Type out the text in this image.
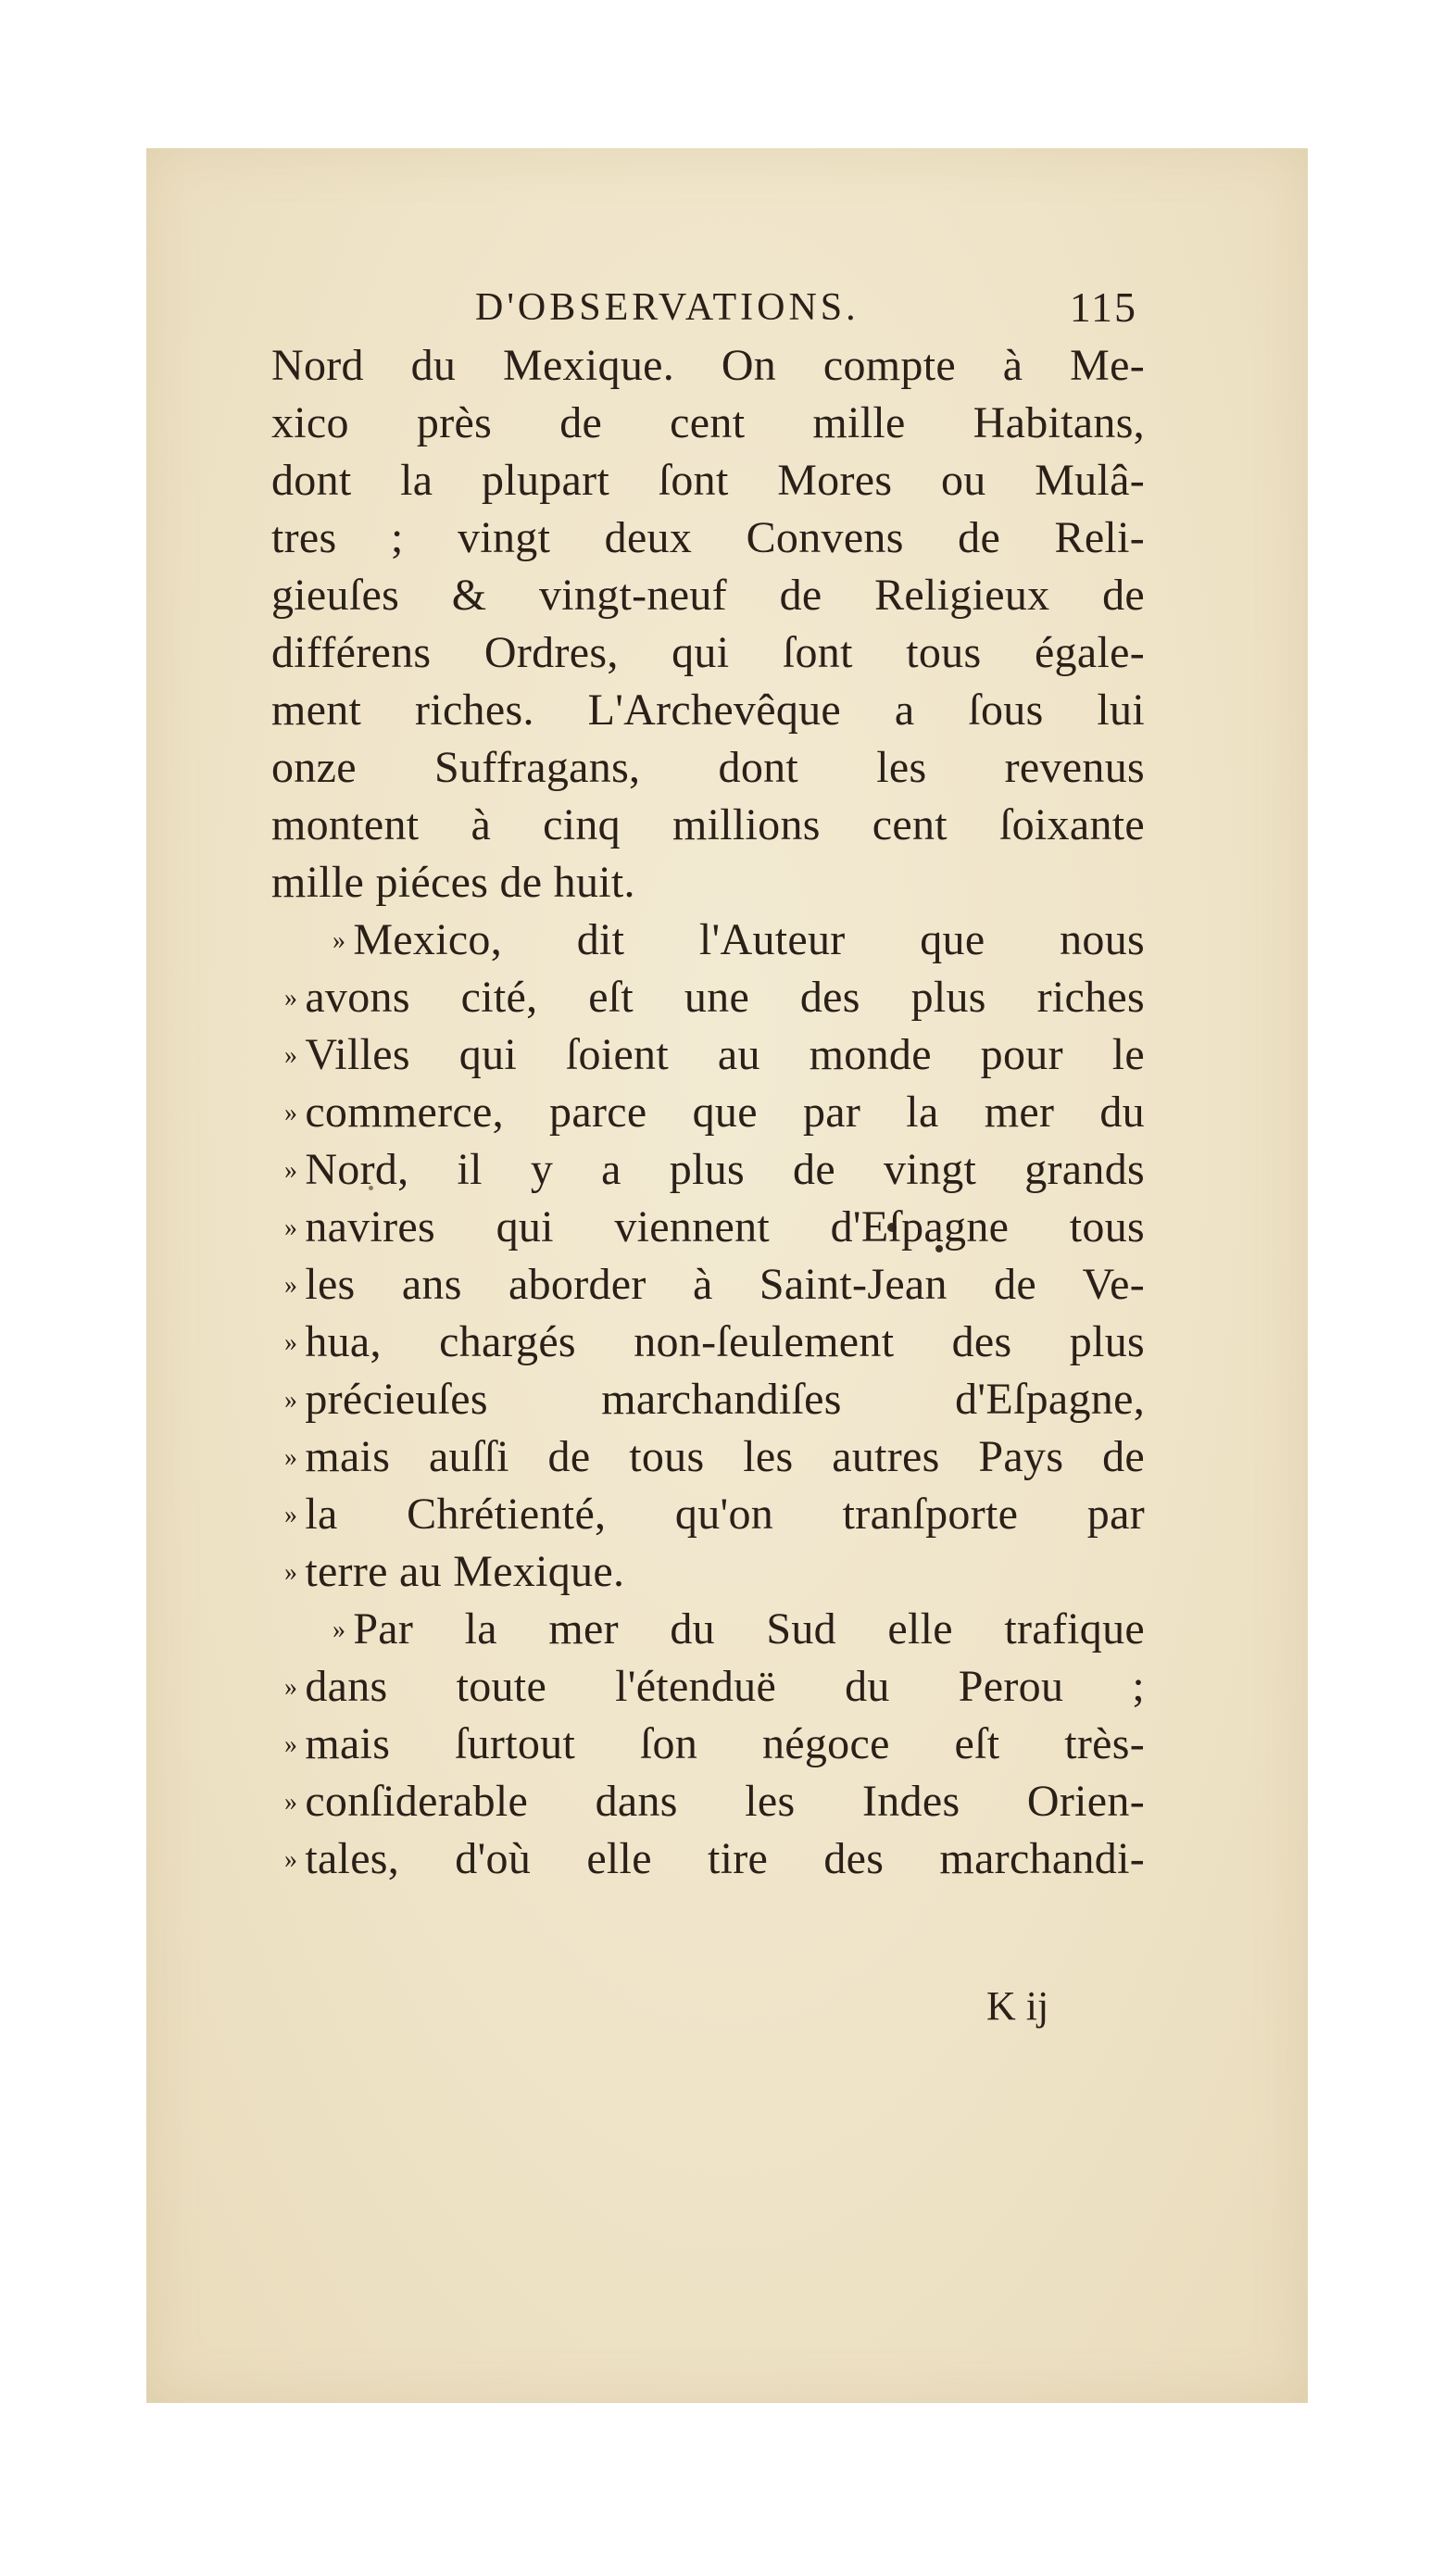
D'OBSERVATIONS.	115
Nord du Mexique. On compte à Me-
xico près de cent mille Habitans,
dont la plupart ſont Mores ou Mulâ-
tres ; vingt deux Convens de Reli-
gieuſes & vingt-neuf de Religieux de
différens Ordres, qui ſont tous égale-
ment riches. L'Archevêque a ſous lui
onze Suffragans, dont les revenus
montent à cinq millions cent ſoixante
mille piéces de huit.
» Mexico, dit l'Auteur que nous
» avons cité, eſt une des plus riches
» Villes qui ſoient au monde pour le
» commerce, parce que par la mer du
» Nord, il y a plus de vingt grands
» navires qui viennent d'Eſpagne tous
» les ans aborder à Saint-Jean de Ve-
» hua, chargés non-ſeulement des plus
» précieuſes marchandiſes d'Eſpagne,
» mais auſſi de tous les autres Pays de
» la Chrétienté, qu'on tranſporte par
» terre au Mexique.
» Par la mer du Sud elle trafique
» dans toute l'étenduë du Perou ;
» mais ſurtout ſon négoce eſt très-
» conſiderable dans les Indes Orien-
» tales, d'où elle tire des marchandi-
K ij
